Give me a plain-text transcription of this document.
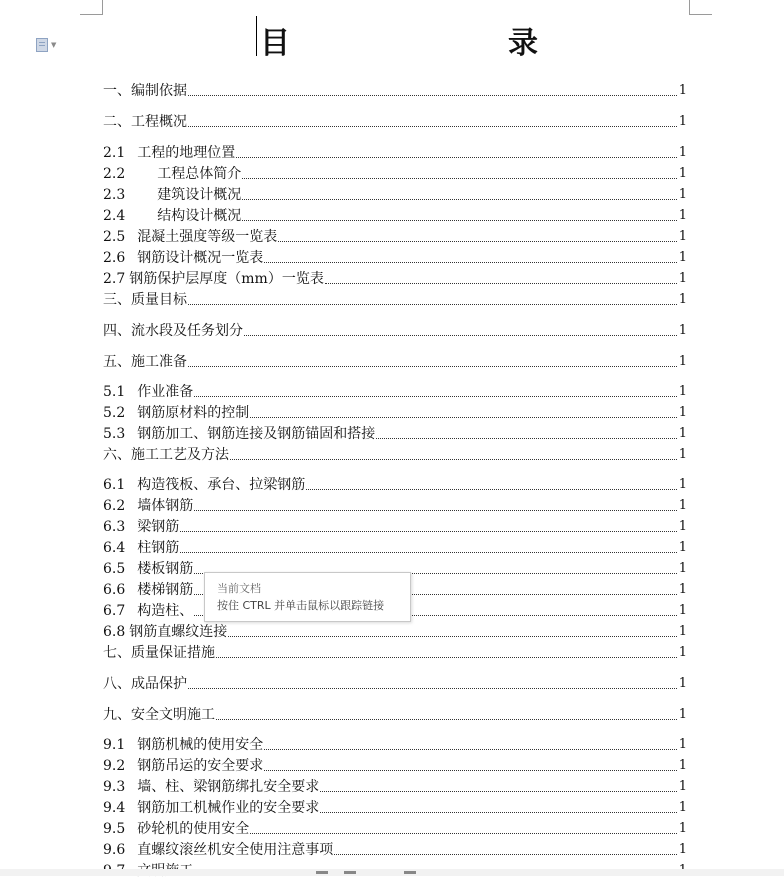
▼	目	录
一、编制依据	1
二、工程概况	1
2.1 工程的地理位置	1
2.2 工程总体简介	1
2.3 建筑设计概况	1
2.4 结构设计概况	1
2.5 混凝土强度等级一览表	1
2.6 钢筋设计概况一览表	1
2.7 钢筋保护层厚度（mm）一览表	1
三、质量目标	1
四、流水段及任务划分	1
五、施工准备	1
5.1 作业准备	1
5.2 钢筋原材料的控制	1
5.3 钢筋加工、钢筋连接及钢筋锚固和搭接	1
六、施工工艺及方法	1
6.1 构造筏板、承台、拉梁钢筋	1
6.2 墙体钢筋	1
6.3 梁钢筋	1
6.4 柱钢筋	1
6.5 楼板钢筋	1
6.6 楼梯钢筋	1
6.7 构造柱、	1
6.8 钢筋直螺纹连接	1
七、质量保证措施	1
八、成品保护	1
九、安全文明施工	1
9.1 钢筋机械的使用安全	1
9.2 钢筋吊运的安全要求	1
9.3 墙、柱、梁钢筋绑扎安全要求	1
9.4 钢筋加工机械作业的安全要求	1
9.5 砂轮机的使用安全	1
9.6 直螺纹滚丝机安全使用注意事项	1
当前文档
按住 CTRL 并单击鼠标以跟踪链接
